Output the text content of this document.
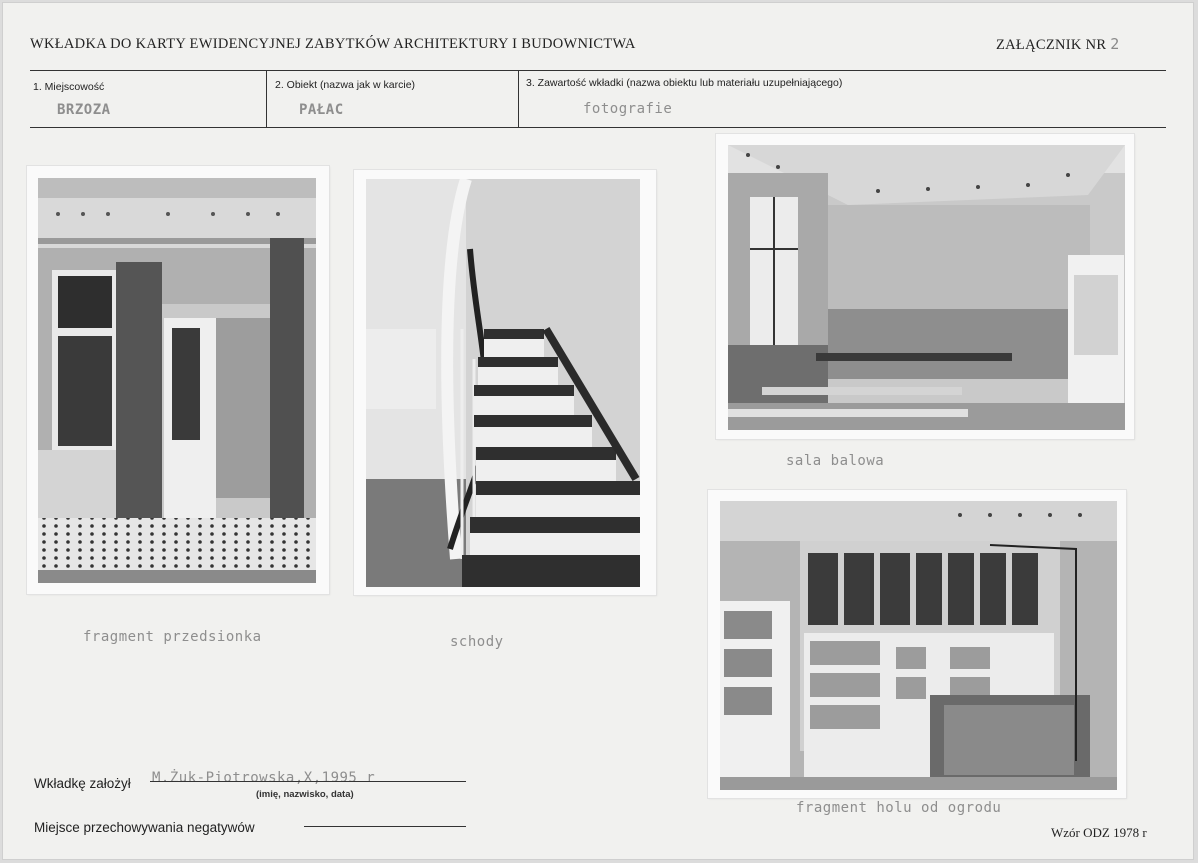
WKŁADKA DO KARTY EWIDENCYJNEJ ZABYTKÓW ARCHITEKTURY I BUDOWNICTWA	ZAŁĄCZNIK NR 2
1. Miejscowość
BRZOZA
2. Obiekt (nazwa jak w karcie)
PAŁAC
3. Zawartość wkładki (nazwa obiektu lub materiału uzupełniającego)
fotografie
fragment przedsionka	schody
sala balowa
fragment holu od ogrodu
Wkładkę założył M.Żuk-Piotrowska,X,1995 r
(imię, nazwisko, data)
Miejsce przechowywania negatywów	Wzór ODZ 1978 r
